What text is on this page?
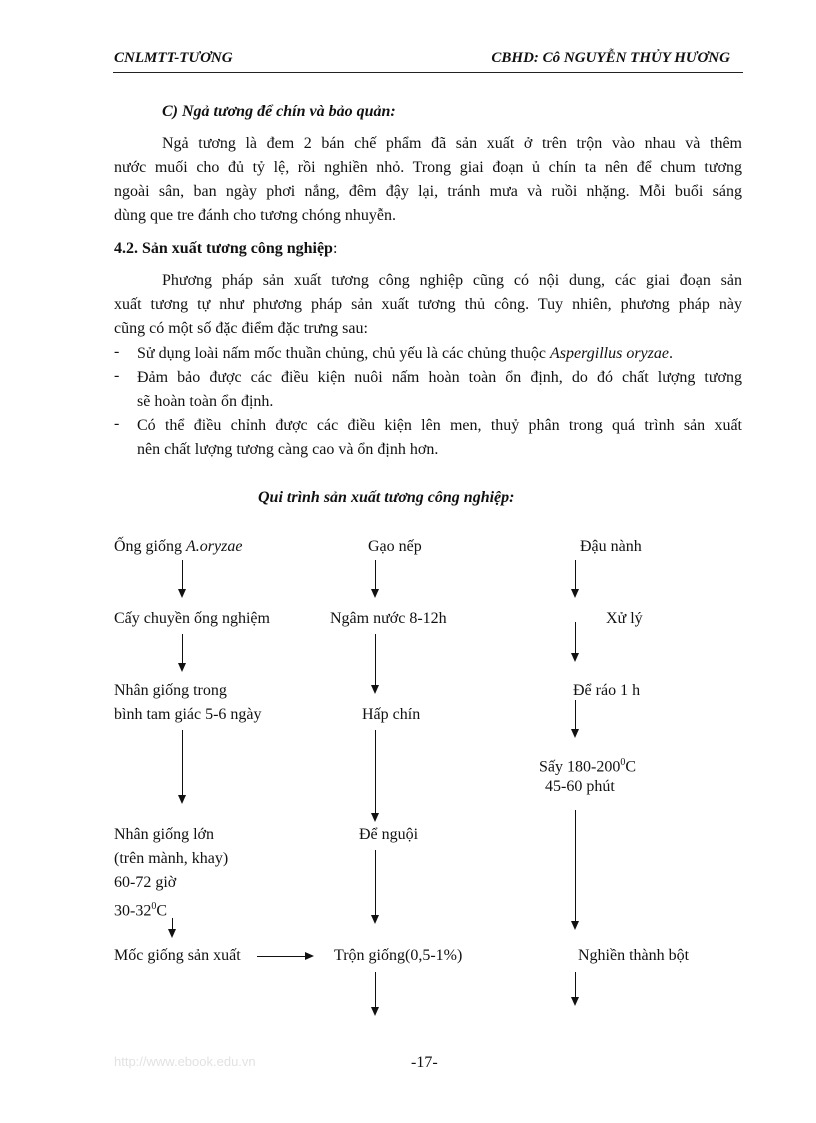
CNLMTT-TƯƠNG	CBHD: Cô NGUYỄN THỦY HƯƠNG
C) Ngả tương để chín và bảo quản:
Ngả tương là đem 2 bán chế phẩm đã sản xuất ở trên trộn vào nhau và thêm
nước muối cho đủ tỷ lệ, rồi nghiền nhỏ. Trong giai đoạn ủ chín ta nên để chum tương
ngoài sân, ban ngày phơi nắng, đêm đậy lại, tránh mưa và ruồi nhặng. Mỗi buổi sáng
dùng que tre đánh cho tương chóng nhuyễn.
4.2. Sản xuất tương công nghiệp:
Phương pháp sản xuất tương công nghiệp cũng có nội dung, các giai đoạn sản
xuất tương tự như phương pháp sản xuất tương thủ công. Tuy nhiên, phương pháp này
cũng có một số đặc điểm đặc trưng sau:
- Sử dụng loài nấm mốc thuần chủng, chủ yếu là các chủng thuộc Aspergillus oryzae.
- Đảm bảo được các điều kiện nuôi nấm hoàn toàn ổn định, do đó chất lượng tương
sẽ hoàn toàn ổn định.
- Có thể điều chỉnh được các điều kiện lên men, thuỷ phân trong quá trình sản xuất
nên chất lượng tương càng cao và ổn định hơn.
Qui trình sản xuất tương công nghiệp:
Ống giống A.oryzae
Cấy chuyền ống nghiệm
Nhân giống trong
bình tam giác 5-6 ngày
Nhân giống lớn
(trên mành, khay)
60-72 giờ
$30-32^0C$
Mốc giống sản xuất
Gạo nếp
Ngâm nước 8-12h
Hấp chín
Để nguội
Trộn giống(0,5-1%)
Đậu nành
Xử lý
Để ráo 1 h
Sấy $180-200^0C$
45-60 phút
Nghiền thành bột
http://www.ebook.edu.vn	-17-
